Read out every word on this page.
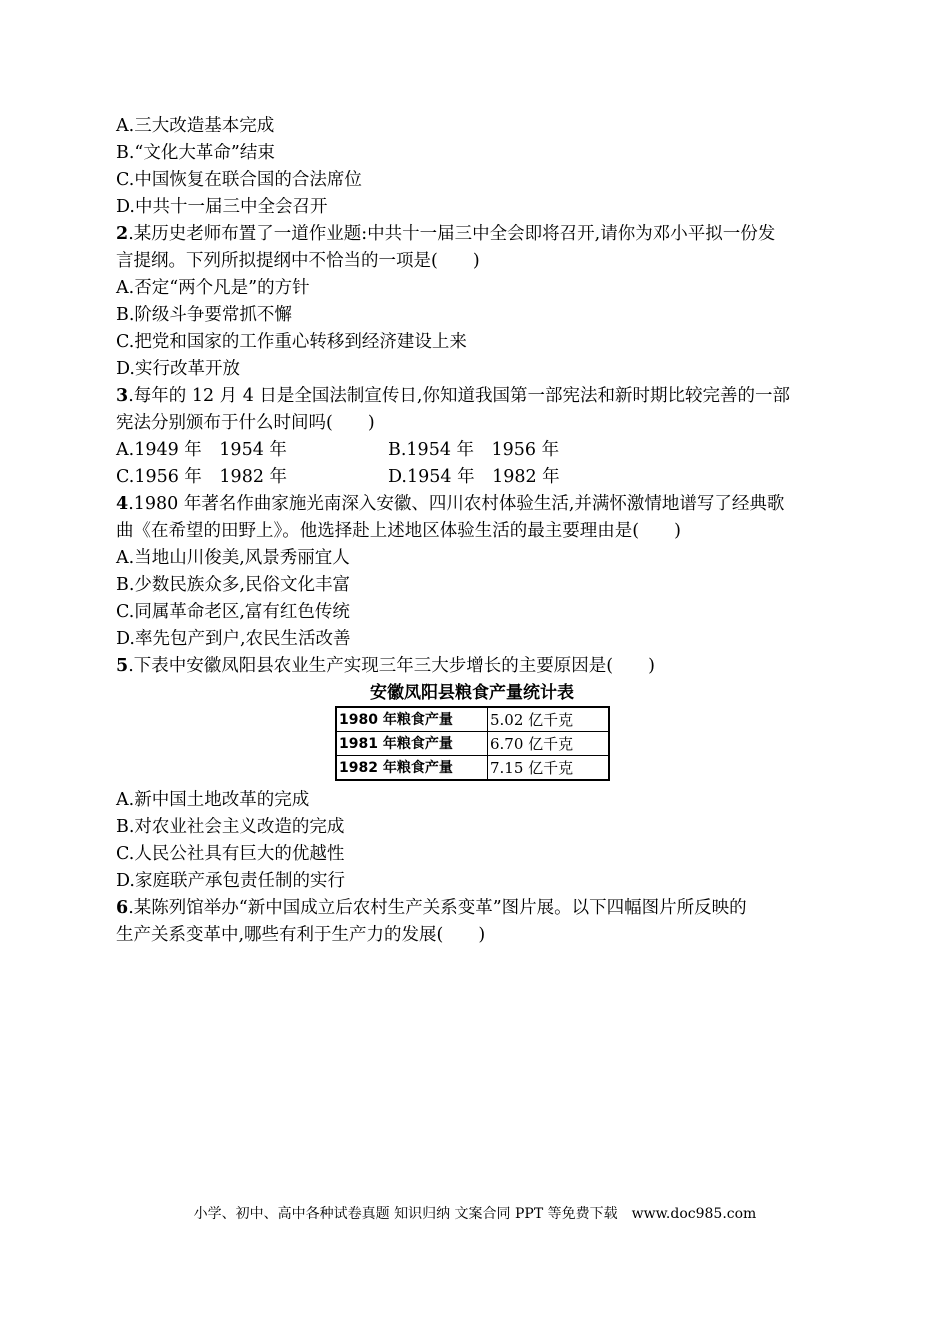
A.三大改造基本完成
B.“文化大革命”结束
C.中国恢复在联合国的合法席位
D.中共十一届三中全会召开
2.某历史老师布置了一道作业题:中共十一届三中全会即将召开,请你为邓小平拟一份发
言提纲。下列所拟提纲中不恰当的一项是(　　)
A.否定“两个凡是”的方针
B.阶级斗争要常抓不懈
C.把党和国家的工作重心转移到经济建设上来
D.实行改革开放
3.每年的 12 月 4 日是全国法制宣传日,你知道我国第一部宪法和新时期比较完善的一部
宪法分别颁布于什么时间吗(　　)
A.1949 年　1954 年	B.1954 年　1956 年
C.1956 年　1982 年	D.1954 年　1982 年
4.1980 年著名作曲家施光南深入安徽、四川农村体验生活,并满怀激情地谱写了经典歌
曲《在希望的田野上》。他选择赴上述地区体验生活的最主要理由是(　　)
A.当地山川俊美,风景秀丽宜人
B.少数民族众多,民俗文化丰富
C.同属革命老区,富有红色传统
D.率先包产到户,农民生活改善
5.下表中安徽凤阳县农业生产实现三年三大步增长的主要原因是(　　)
安徽凤阳县粮食产量统计表
1980 年粮食产量	5.02 亿千克
1981 年粮食产量	6.70 亿千克
1982 年粮食产量	7.15 亿千克
A.新中国土地改革的完成
B.对农业社会主义改造的完成
C.人民公社具有巨大的优越性
D.家庭联产承包责任制的实行
6.某陈列馆举办“新中国成立后农村生产关系变革”图片展。以下四幅图片所反映的
生产关系变革中,哪些有利于生产力的发展(　　)
小学、初中、高中各种试卷真题 知识归纳 文案合同 PPT 等免费下载　www.doc985.com
